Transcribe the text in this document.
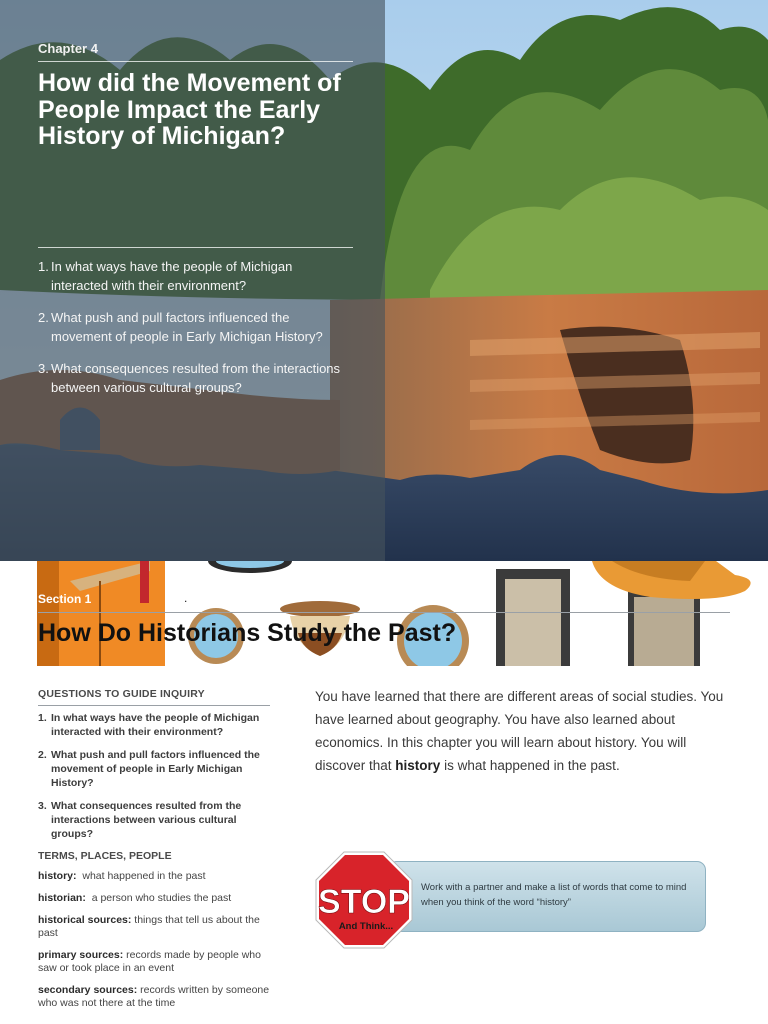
Chapter 4
How did the Movement of People Impact the Early History of Michigan?
1. In what ways have the people of Michigan interacted with their environment?
2. What push and pull factors influenced the movement of people in Early Michigan History?
3. What consequences resulted from the interactions between various cultural groups?
Section 1	.
How Do Historians Study the Past?
QUESTIONS TO GUIDE INQUIRY
1. In what ways have the people of Michigan interacted with their environment?
2. What push and pull factors influenced the movement of people in Early Michigan History?
3. What consequences resulted from the interactions between various cultural groups?
TERMS, PLACES, PEOPLE
history: what happened in the past
historian: a person who studies the past
historical sources: things that tell us about the past
primary sources: records made by people who saw or took place in an event
secondary sources: records written by someone who was not there at the time

You have learned that there are different areas of social studies. You have learned about geography. You have also learned about economics. In this chapter you will learn about history. You will discover that history is what happened in the past.

Work with a partner and make a list of words that come to mind when you think of the word “history”
STOP
And Think...
